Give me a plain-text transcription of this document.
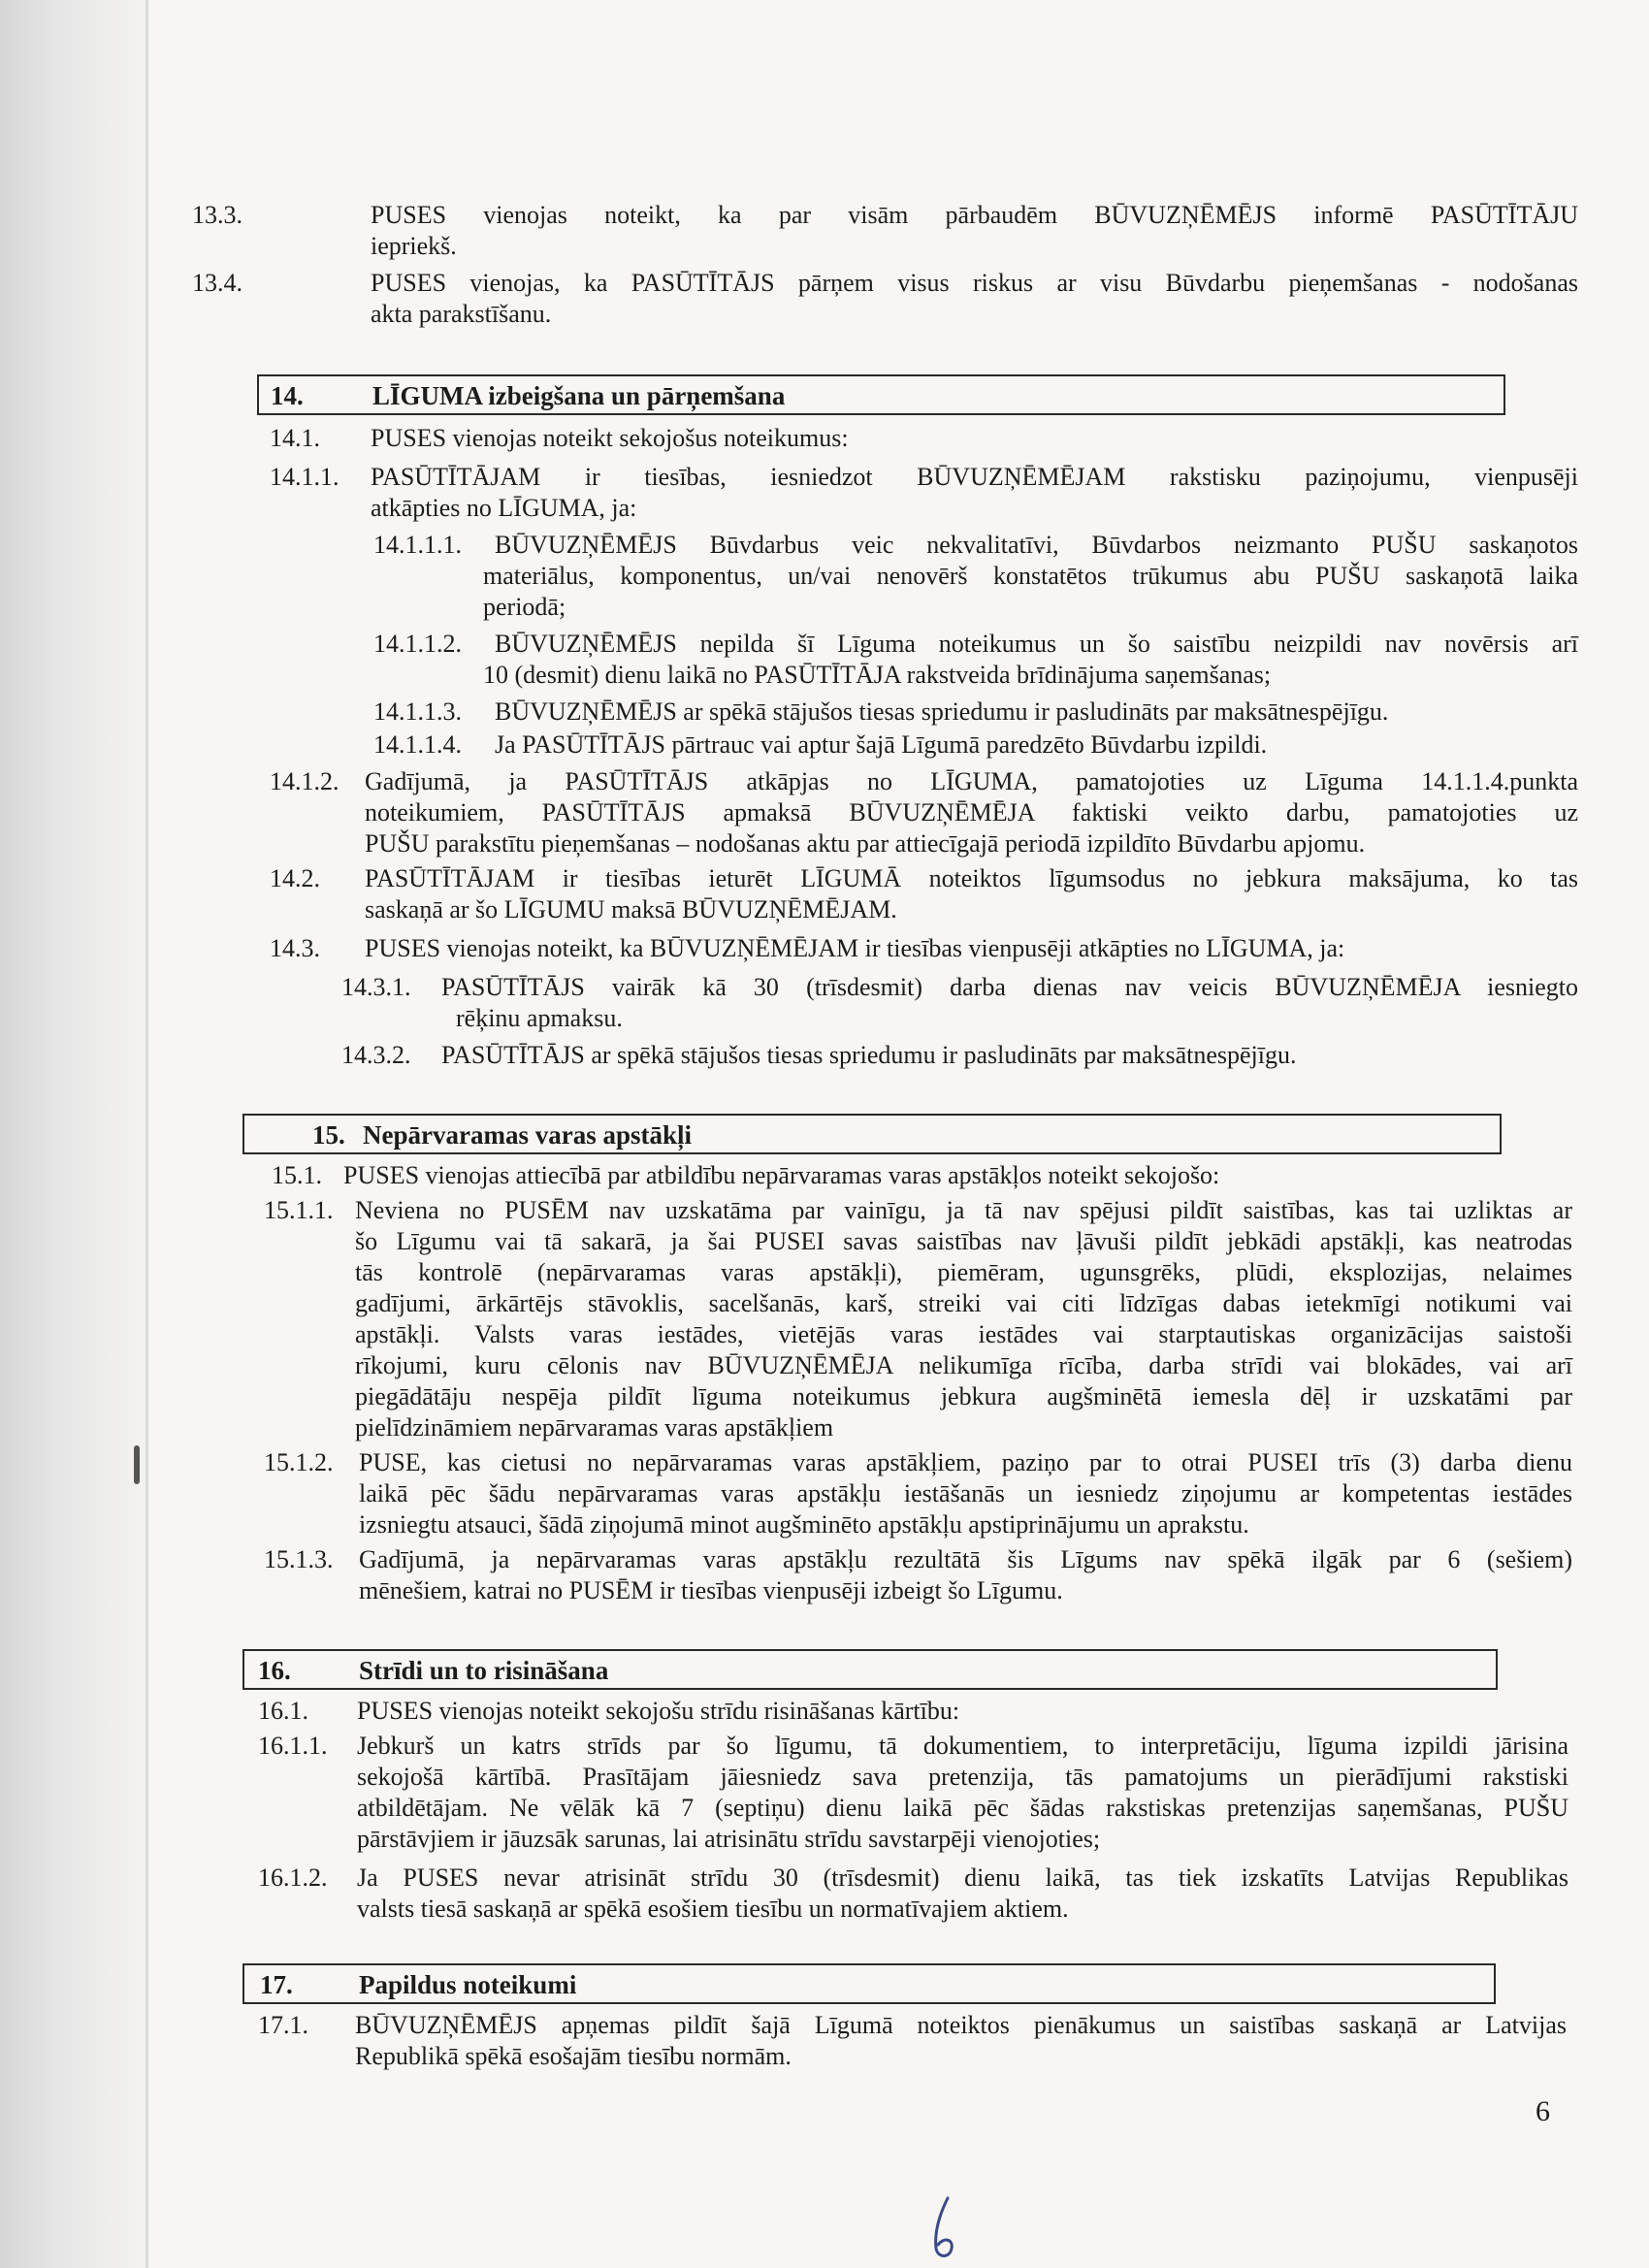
13.3.	PUSES vienojas noteikt, ka par visām pārbaudēm BŪVUZŅĒMĒJS informē PASŪTĪTĀJU
iepriekš.
13.4.	PUSES vienojas, ka PASŪTĪTĀJS pārņem visus riskus ar visu Būvdarbu pieņemšanas - nodošanas
akta parakstīšanu.
14.	LĪGUMA izbeigšana un pārņemšana
14.1. PUSES vienojas noteikt sekojošus noteikumus:
14.1.1. PASŪTĪTĀJAM ir tiesības, iesniedzot BŪVUZŅĒMĒJAM rakstisku paziņojumu, vienpusēji
atkāpties no LĪGUMA, ja:
14.1.1.1. BŪVUZŅĒMĒJS Būvdarbus veic nekvalitatīvi, Būvdarbos neizmanto PUŠU saskaņotos
materiālus, komponentus, un/vai nenovērš konstatētos trūkumus abu PUŠU saskaņotā laika
periodā;
14.1.1.2. BŪVUZŅĒMĒJS nepilda šī Līguma noteikumus un šo saistību neizpildi nav novērsis arī
10 (desmit) dienu laikā no PASŪTĪTĀJA rakstveida brīdinājuma saņemšanas;
14.1.1.3. BŪVUZŅĒMĒJS ar spēkā stājušos tiesas spriedumu ir pasludināts par maksātnespējīgu.
14.1.1.4. Ja PASŪTĪTĀJS pārtrauc vai aptur šajā Līgumā paredzēto Būvdarbu izpildi.
14.1.2. Gadījumā, ja PASŪTĪTĀJS atkāpjas no LĪGUMA, pamatojoties uz Līguma 14.1.1.4.punkta
noteikumiem, PASŪTĪTĀJS apmaksā BŪVUZŅĒMĒJA faktiski veikto darbu, pamatojoties uz
PUŠU parakstītu pieņemšanas – nodošanas aktu par attiecīgajā periodā izpildīto Būvdarbu apjomu.
14.2. PASŪTĪTĀJAM ir tiesības ieturēt LĪGUMĀ noteiktos līgumsodus no jebkura maksājuma, ko tas
saskaņā ar šo LĪGUMU maksā BŪVUZŅĒMĒJAM.
14.3. PUSES vienojas noteikt, ka BŪVUZŅĒMĒJAM ir tiesības vienpusēji atkāpties no LĪGUMA, ja:
14.3.1. PASŪTĪTĀJS vairāk kā 30 (trīsdesmit) darba dienas nav veicis BŪVUZŅĒMĒJA iesniegto
rēķinu apmaksu.
14.3.2. PASŪTĪTĀJS ar spēkā stājušos tiesas spriedumu ir pasludināts par maksātnespējīgu.
15. Nepārvaramas varas apstākļi
15.1. PUSES vienojas attiecībā par atbildību nepārvaramas varas apstākļos noteikt sekojošo:
15.1.1. Neviena no PUSĒM nav uzskatāma par vainīgu, ja tā nav spējusi pildīt saistības, kas tai uzliktas ar
šo Līgumu vai tā sakarā, ja šai PUSEI savas saistības nav ļāvuši pildīt jebkādi apstākļi, kas neatrodas
tās kontrolē (nepārvaramas varas apstākļi), piemēram, ugunsgrēks, plūdi, eksplozijas, nelaimes
gadījumi, ārkārtējs stāvoklis, sacelšanās, karš, streiki vai citi līdzīgas dabas ietekmīgi notikumi vai
apstākļi. Valsts varas iestādes, vietējās varas iestādes vai starptautiskas organizācijas saistoši
rīkojumi, kuru cēlonis nav BŪVUZŅĒMĒJA nelikumīga rīcība, darba strīdi vai blokādes, vai arī
piegādātāju nespēja pildīt līguma noteikumus jebkura augšminētā iemesla dēļ ir uzskatāmi par
pielīdzināmiem nepārvaramas varas apstākļiem
15.1.2. PUSE, kas cietusi no nepārvaramas varas apstākļiem, paziņo par to otrai PUSEI trīs (3) darba dienu
laikā pēc šādu nepārvaramas varas apstākļu iestāšanās un iesniedz ziņojumu ar kompetentas iestādes
izsniegtu atsauci, šādā ziņojumā minot augšminēto apstākļu apstiprinājumu un aprakstu.
15.1.3. Gadījumā, ja nepārvaramas varas apstākļu rezultātā šis Līgums nav spēkā ilgāk par 6 (sešiem)
mēnešiem, katrai no PUSĒM ir tiesības vienpusēji izbeigt šo Līgumu.
16.	Strīdi un to risināšana
16.1. PUSES vienojas noteikt sekojošu strīdu risināšanas kārtību:
16.1.1. Jebkurš un katrs strīds par šo līgumu, tā dokumentiem, to interpretāciju, līguma izpildi jārisina
sekojošā kārtībā. Prasītājam jāiesniedz sava pretenzija, tās pamatojums un pierādījumi rakstiski
atbildētājam. Ne vēlāk kā 7 (septiņu) dienu laikā pēc šādas rakstiskas pretenzijas saņemšanas, PUŠU
pārstāvjiem ir jāuzsāk sarunas, lai atrisinātu strīdu savstarpēji vienojoties;
16.1.2. Ja PUSES nevar atrisināt strīdu 30 (trīsdesmit) dienu laikā, tas tiek izskatīts Latvijas Republikas
valsts tiesā saskaņā ar spēkā esošiem tiesību un normatīvajiem aktiem.
17.	Papildus noteikumi
17.1. BŪVUZŅĒMĒJS apņemas pildīt šajā Līgumā noteiktos pienākumus un saistības saskaņā ar Latvijas
Republikā spēkā esošajām tiesību normām.
6
